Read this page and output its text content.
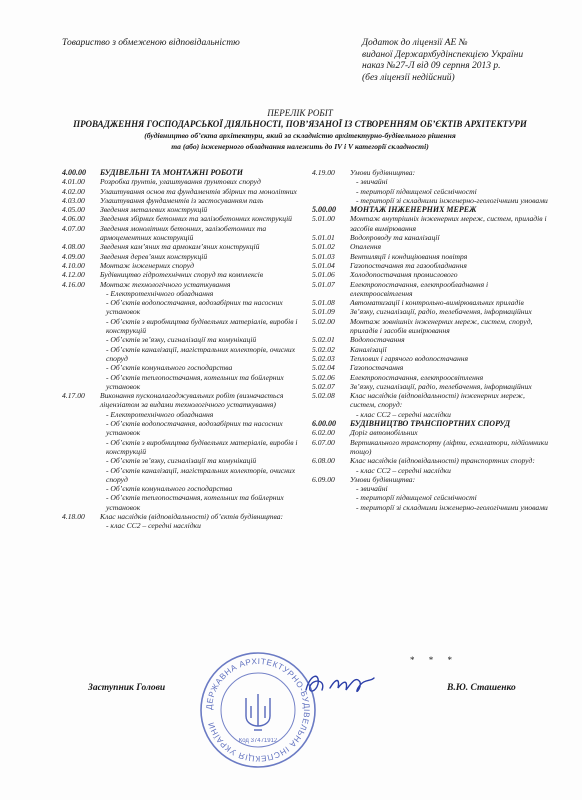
Товариство з обмеженою відповідальністю	Додаток до ліцензії АЕ №
виданої Держархбудінспекцією України
наказ №27-Л від 09 серпня 2013 р.
(без ліцензії недійсний)
ПЕРЕЛІК РОБІТ
ПРОВАДЖЕННЯ ГОСПОДАРСЬКОЇ ДІЯЛЬНОСТІ, ПОВ’ЯЗАНОЇ ІЗ СТВОРЕННЯМ ОБ’ЄКТІВ АРХІТЕКТУРИ
(будівництво об’єкта архітектури, який за складністю архітектурно-будівельного рішення
та (або) інженерного обладнання належить до IV і V категорії складності)
4.00.00	БУДІВЕЛЬНІ ТА МОНТАЖНІ РОБОТИ
4.01.00	Розробка ґрунтів, улаштування ґрунтових споруд
4.02.00	Улаштування основ та фундаментів збірних та монолітних
4.03.00	Улаштування фундаментів із застосуванням паль
4.05.00	Зведення металевих конструкцій
4.06.00	Зведення збірних бетонних та залізобетонних конструкцій
4.07.00	Зведення монолітних бетонних, залізобетонних та армоцементних конструкцій
4.08.00	Зведення кам’яних та армокам’яних конструкцій
4.09.00	Зведення дерев’яних конструкцій
4.10.00	Монтаж інженерних споруд
4.12.00	Будівництво гідротехнічних споруд та комплексів
4.16.00	Монтаж технологічного устаткування
- Електротехнічного обладнання
- Об’єктів водопостачання, водозабірних та насосних установок
- Об’єктів з виробництва будівельних матеріалів, виробів і конструкцій
- Об’єктів зв’язку, сигналізації та комунікацій
- Об’єктів каналізації, магістральних колекторів, очисних споруд
- Об’єктів комунального господарства
- Об’єктів теплопостачання, котельних та бойлерних установок
4.17.00	Виконання пусконалагоджувальних робіт (визначається ліцензіатом за видами технологічного устаткування)
- Електротехнічного обладнання
- Об’єктів водопостачання, водозабірних та насосних установок
- Об’єктів з виробництва будівельних матеріалів, виробів і конструкцій
- Об’єктів зв’язку, сигналізації та комунікацій
- Об’єктів каналізації, магістральних колекторів, очисних споруд
- Об’єктів комунального господарства
- Об’єктів теплопостачання, котельних та бойлерних установок
4.18.00	Клас наслідків (відповідальності) об’єктів будівництва:
- клас СС2 – середні наслідки
4.19.00	Умови будівництва:
- звичайні
- території підвищеної сейсмічності
- території зі складними інженерно-геологічними умовами
5.00.00	МОНТАЖ ІНЖЕНЕРНИХ МЕРЕЖ
5.01.00	Монтаж внутрішніх інженерних мереж, систем, приладів і засобів вимірювання
5.01.01	Водопроводу та каналізації
5.01.02	Опалення
5.01.03	Вентиляції і кондиціювання повітря
5.01.04	Газопостачання та газообладнання
5.01.06	Холодопостачання промислового
5.01.07	Електропостачання, електрообладнання і електроосвітлення
5.01.08	Автоматизації і контрольно-вимірювальних приладів
5.01.09	Зв’язку, сигналізації, радіо, телебачення, інформаційних
5.02.00	Монтаж зовнішніх інженерних мереж, систем, споруд, приладів і засобів вимірювання
5.02.01	Водопостачання
5.02.02	Каналізації
5.02.03	Теплових і гарячого водопостачання
5.02.04	Газопостачання
5.02.06	Електропостачання, електроосвітлення
5.02.07	Зв’язку, сигналізації, радіо, телебачення, інформаційних
5.02.08	Клас наслідків (відповідальності) інженерних мереж, систем, споруд:
- клас СС2 – середні наслідки
6.00.00	БУДІВНИЦТВО ТРАНСПОРТНИХ СПОРУД
6.02.00	Доріг автомобільних
6.07.00	Вертикального транспорту (ліфти, ескалатори, підйомники тощо)
6.08.00	Клас наслідків (відповідальності) транспортних споруд:
- клас СС2 – середні наслідки
6.09.00	Умови будівництва:
- звичайні
- території підвищеної сейсмічності
- території зі складними інженерно-геологічними умовами
* * *
Заступник Голови	В.Ю. Сташенко
ДЕРЖАВНА АРХІТЕКТУРНО-БУДІВЕЛЬНА ІНСПЕКЦІЯ УКРАЇНИ
Код 37471912
